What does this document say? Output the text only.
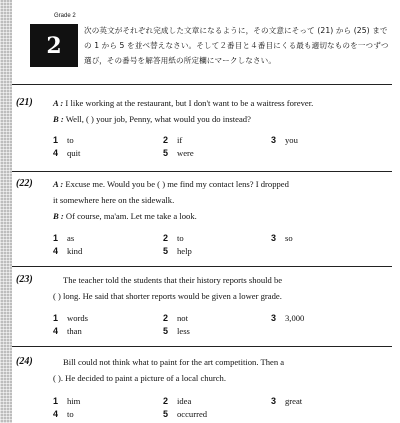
Grade 2
2
次の英文がそれぞれ完成した文章になるように，その文意にそって (21) から (25) までの 1 から 5 を並べ替えなさい。そして２番目と４番目にくる最も適切なものを一つずつ選び，その番号を解答用紙の所定欄にマークしなさい。
(21) A : I like working at the restaurant, but I don't want to be a waitress forever.

B : Well, ( ) your job, Penny, what would you do instead?

1 to	2 if	3 you
4 quit	5 were
(22) A : Excuse me. Would you be ( ) me find my contact lens? I dropped

it somewhere here on the sidewalk.

B : Of course, ma'am. Let me take a look.

1 as	2 to	3 so
4 kind	5 help
(23)	The teacher told the students that their history reports should be

( ) long. He said that shorter reports would be given a lower grade.

1 words	2 not	3 3,000
4 than	5 less
(24)	Bill could not think what to paint for the art competition. Then a

( ). He decided to paint a picture of a local church.

1 him	2 idea	3 great
4 to	5 occurred
